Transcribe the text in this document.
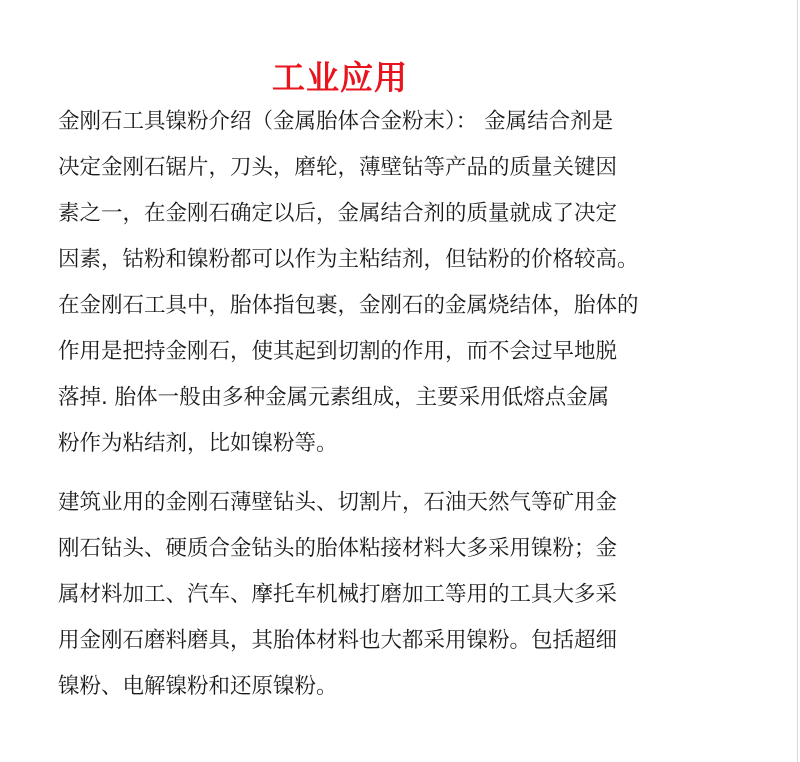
工业应用
金刚石工具镍粉介绍（金属胎体合金粉末）： 金属结合剂是
决定金刚石锯片，刀头，磨轮，薄壁钻等产品的质量关键因
素之一，在金刚石确定以后，金属结合剂的质量就成了决定
因素，钴粉和镍粉都可以作为主粘结剂，但钴粉的价格较高。
在金刚石工具中，胎体指包裹，金刚石的金属烧结体，胎体的
作用是把持金刚石，使其起到切割的作用，而不会过早地脱
落掉. 胎体一般由多种金属元素组成，主要采用低熔点金属
粉作为粘结剂，比如镍粉等。
建筑业用的金刚石薄壁钻头、切割片，石油天然气等矿用金
刚石钻头、硬质合金钻头的胎体粘接材料大多采用镍粉；金
属材料加工、汽车、摩托车机械打磨加工等用的工具大多采
用金刚石磨料磨具，其胎体材料也大都采用镍粉。包括超细
镍粉、电解镍粉和还原镍粉。
